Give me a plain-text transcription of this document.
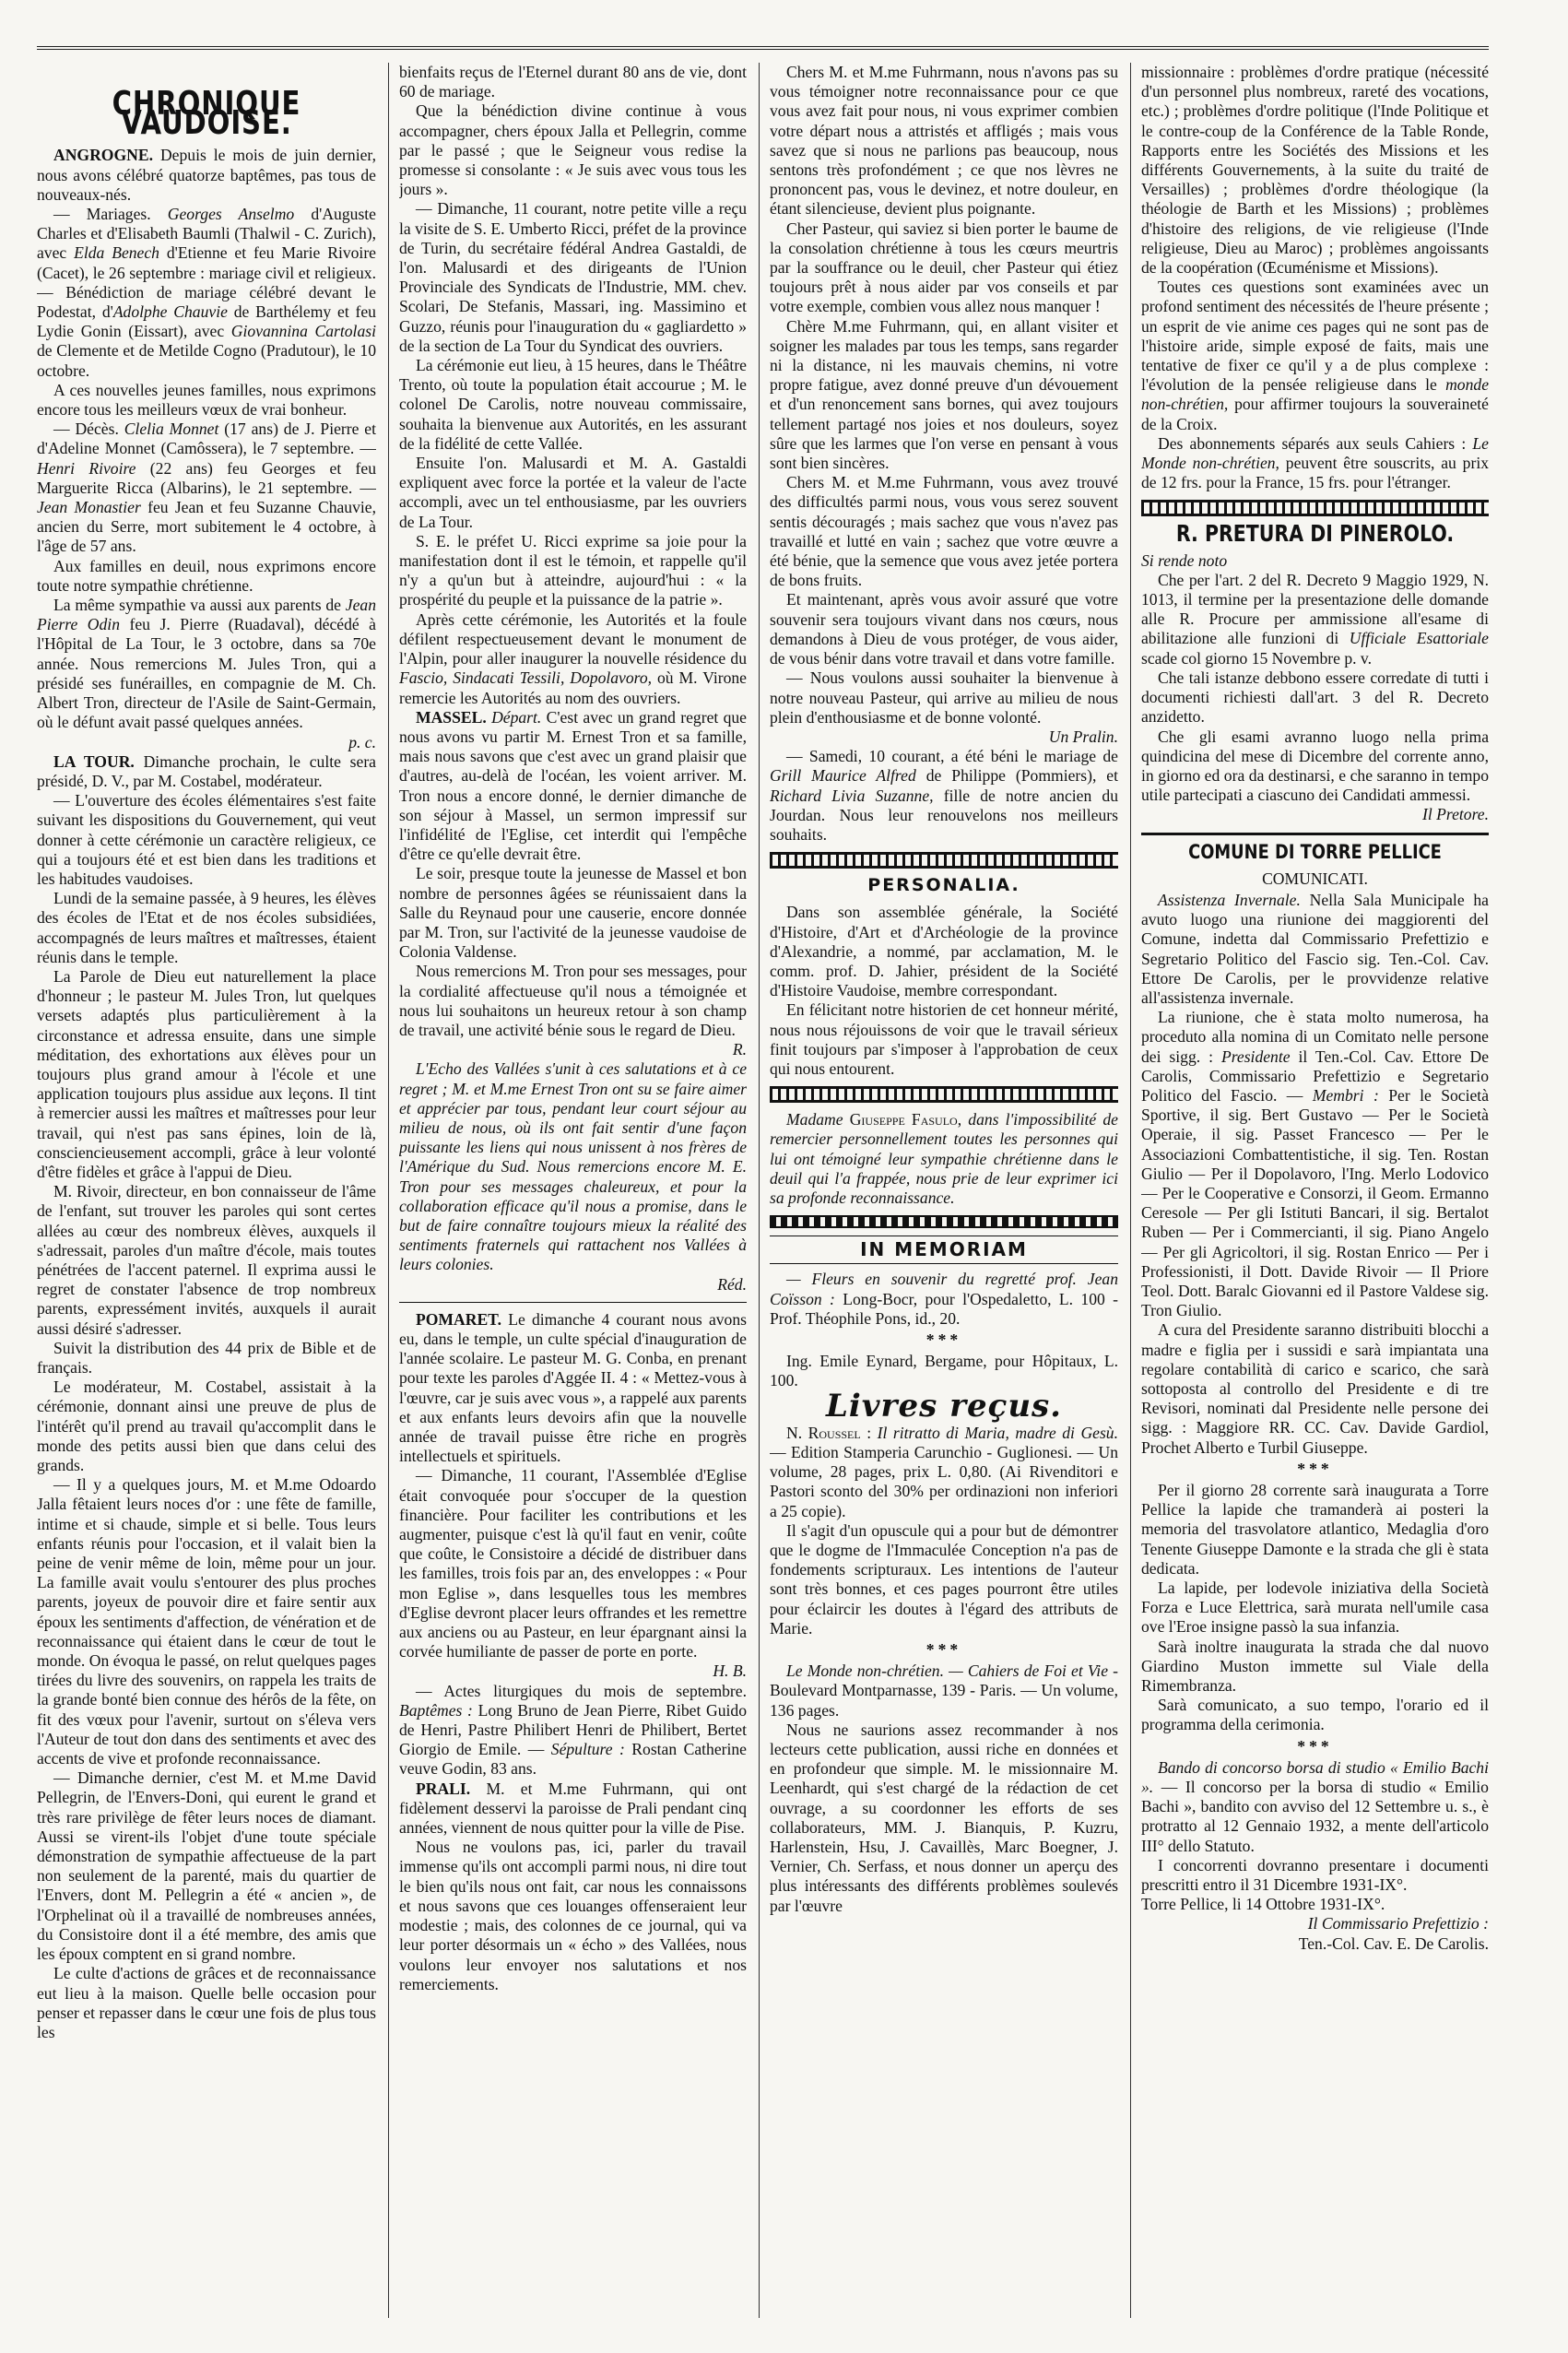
CHRONIQUE VAUDOISE.

ANGROGNE. Depuis le mois de juin dernier, nous avons célébré quatorze baptêmes, pas tous de nouveaux-nés.

— Mariages. Georges Anselmo d'Auguste Charles et d'Elisabeth Baumli (Thalwil - C. Zurich), avec Elda Benech d'Etienne et feu Marie Rivoire (Cacet), le 26 septembre : mariage civil et religieux. — Bénédiction de mariage célébré devant le Podestat, d'Adolphe Chauvie de Barthélemy et feu Lydie Gonin (Eissart), avec Giovannina Cartolasi de Clemente et de Metilde Cogno (Pradutour), le 10 octobre.

A ces nouvelles jeunes familles, nous exprimons encore tous les meilleurs vœux de vrai bonheur.

— Décès. Clelia Monnet (17 ans) de J. Pierre et d'Adeline Monnet (Camôssera), le 7 septembre. — Henri Rivoire (22 ans) feu Georges et feu Marguerite Ricca (Albarins), le 21 septembre. — Jean Monastier feu Jean et feu Suzanne Chauvie, ancien du Serre, mort subitement le 4 octobre, à l'âge de 57 ans.

Aux familles en deuil, nous exprimons encore toute notre sympathie chrétienne.

La même sympathie va aussi aux parents de Jean Pierre Odin feu J. Pierre (Ruadaval), décédé à l'Hôpital de La Tour, le 3 octobre, dans sa 70e année. Nous remercions M. Jules Tron, qui a présidé ses funérailles, en compagnie de M. Ch. Albert Tron, directeur de l'Asile de Saint-Germain, où le défunt avait passé quelques années.

p. c.

LA TOUR. Dimanche prochain, le culte sera présidé, D. V., par M. Costabel, modérateur.

— L'ouverture des écoles élémentaires s'est faite suivant les dispositions du Gouvernement, qui veut donner à cette cérémonie un caractère religieux, ce qui a toujours été et est bien dans les traditions et les habitudes vaudoises.

Lundi de la semaine passée, à 9 heures, les élèves des écoles de l'Etat et de nos écoles subsidiées, accompagnés de leurs maîtres et maîtresses, étaient réunis dans le temple.

La Parole de Dieu eut naturellement la place d'honneur ; le pasteur M. Jules Tron, lut quelques versets adaptés plus particulièrement à la circonstance et adressa ensuite, dans une simple méditation, des exhortations aux élèves pour un toujours plus grand amour à l'école et une application toujours plus assidue aux leçons. Il tint à remercier aussi les maîtres et maîtresses pour leur travail, qui n'est pas sans épines, loin de là, consciencieusement accompli, grâce à leur volonté d'être fidèles et grâce à l'appui de Dieu.

M. Rivoir, directeur, en bon connaisseur de l'âme de l'enfant, sut trouver les paroles qui sont certes allées au cœur des nombreux élèves, auxquels il s'adressait, paroles d'un maître d'école, mais toutes pénétrées de l'accent paternel. Il exprima aussi le regret de constater l'absence de trop nombreux parents, expressément invités, auxquels il aurait aussi désiré s'adresser.

Suivit la distribution des 44 prix de Bible et de français.

Le modérateur, M. Costabel, assistait à la cérémonie, donnant ainsi une preuve de plus de l'intérêt qu'il prend au travail qu'accomplit dans le monde des petits aussi bien que dans celui des grands.

— Il y a quelques jours, M. et M.me Odoardo Jalla fêtaient leurs noces d'or : une fête de famille, intime et si chaude, simple et si belle. Tous leurs enfants réunis pour l'occasion, et il valait bien la peine de venir même de loin, même pour un jour. La famille avait voulu s'entourer des plus proches parents, joyeux de pouvoir dire et faire sentir aux époux les sentiments d'affection, de vénération et de reconnaissance qui étaient dans le cœur de tout le monde. On évoqua le passé, on relut quelques pages tirées du livre des souvenirs, on rappela les traits de la grande bonté bien connue des hérôs de la fête, on fit des vœux pour l'avenir, surtout on s'éleva vers l'Auteur de tout don dans des sentiments et avec des accents de vive et profonde reconnaissance.

— Dimanche dernier, c'est M. et M.me David Pellegrin, de l'Envers-Doni, qui eurent le grand et très rare privilège de fêter leurs noces de diamant. Aussi se virent-ils l'objet d'une toute spéciale démonstration de sympathie affectueuse de la part non seulement de la parenté, mais du quartier de l'Envers, dont M. Pellegrin a été « ancien », de l'Orphelinat où il a travaillé de nombreuses années, du Consistoire dont il a été membre, des amis que les époux comptent en si grand nombre.

Le culte d'actions de grâces et de reconnaissance eut lieu à la maison. Quelle belle occasion pour penser et repasser dans le cœur une fois de plus tous les

bienfaits reçus de l'Eternel durant 80 ans de vie, dont 60 de mariage.

Que la bénédiction divine continue à vous accompagner, chers époux Jalla et Pellegrin, comme par le passé ; que le Seigneur vous redise la promesse si consolante : « Je suis avec vous tous les jours ».

— Dimanche, 11 courant, notre petite ville a reçu la visite de S. E. Umberto Ricci, préfet de la province de Turin, du secrétaire fédéral Andrea Gastaldi, de l'on. Malusardi et des dirigeants de l'Union Provinciale des Syndicats de l'Industrie, MM. chev. Scolari, De Stefanis, Massari, ing. Massimino et Guzzo, réunis pour l'inauguration du « gagliardetto » de la section de La Tour du Syndicat des ouvriers.

La cérémonie eut lieu, à 15 heures, dans le Théâtre Trento, où toute la population était accourue ; M. le colonel De Carolis, notre nouveau commissaire, souhaita la bienvenue aux Autorités, en les assurant de la fidélité de cette Vallée.

Ensuite l'on. Malusardi et M. A. Gastaldi expliquent avec force la portée et la valeur de l'acte accompli, avec un tel enthousiasme, par les ouvriers de La Tour.

S. E. le préfet U. Ricci exprime sa joie pour la manifestation dont il est le témoin, et rappelle qu'il n'y a qu'un but à atteindre, aujourd'hui : « la prospérité du peuple et la puissance de la patrie ».

Après cette cérémonie, les Autorités et la foule défilent respectueusement devant le monument de l'Alpin, pour aller inaugurer la nouvelle résidence du Fascio, Sindacati Tessili, Dopolavoro, où M. Virone remercie les Autorités au nom des ouvriers.

MASSEL. Départ. C'est avec un grand regret que nous avons vu partir M. Ernest Tron et sa famille, mais nous savons que c'est avec un grand plaisir que d'autres, au-delà de l'océan, les voient arriver. M. Tron nous a encore donné, le dernier dimanche de son séjour à Massel, un sermon impressif sur l'infidélité de l'Eglise, cet interdit qui l'empêche d'être ce qu'elle devrait être.

Le soir, presque toute la jeunesse de Massel et bon nombre de personnes âgées se réunissaient dans la Salle du Reynaud pour une causerie, encore donnée par M. Tron, sur l'activité de la jeunesse vaudoise de Colonia Valdense.

Nous remercions M. Tron pour ses messages, pour la cordialité affectueuse qu'il nous a témoignée et nous lui souhaitons un heureux retour à son champ de travail, une activité bénie sous le regard de Dieu.

R.

L'Echo des Vallées s'unit à ces salutations et à ce regret ; M. et M.me Ernest Tron ont su se faire aimer et apprécier par tous, pendant leur court séjour au milieu de nous, où ils ont fait sentir d'une façon puissante les liens qui nous unissent à nos frères de l'Amérique du Sud. Nous remercions encore M. E. Tron pour ses messages chaleureux, et pour la collaboration efficace qu'il nous a promise, dans le but de faire connaître toujours mieux la réalité des sentiments fraternels qui rattachent nos Vallées à leurs colonies.

Réd.

POMARET. Le dimanche 4 courant nous avons eu, dans le temple, un culte spécial d'inauguration de l'année scolaire. Le pasteur M. G. Conba, en prenant pour texte les paroles d'Aggée II. 4 : « Mettez-vous à l'œuvre, car je suis avec vous », a rappelé aux parents et aux enfants leurs devoirs afin que la nouvelle année de travail puisse être riche en progrès intellectuels et spirituels.

— Dimanche, 11 courant, l'Assemblée d'Eglise était convoquée pour s'occuper de la question financière. Pour faciliter les contributions et les augmenter, puisque c'est là qu'il faut en venir, coûte que coûte, le Consistoire a décidé de distribuer dans les familles, trois fois par an, des enveloppes : « Pour mon Eglise », dans lesquelles tous les membres d'Eglise devront placer leurs offrandes et les remettre aux anciens ou au Pasteur, en leur épargnant ainsi la corvée humiliante de passer de porte en porte.

H. B.

— Actes liturgiques du mois de septembre. Baptêmes : Long Bruno de Jean Pierre, Ribet Guido de Henri, Pastre Philibert Henri de Philibert, Bertet Giorgio de Emile. — Sépulture : Rostan Catherine veuve Godin, 83 ans.

PRALI. M. et M.me Fuhrmann, qui ont fidèlement desservi la paroisse de Prali pendant cinq années, viennent de nous quitter pour la ville de Pise.

Nous ne voulons pas, ici, parler du travail immense qu'ils ont accompli parmi nous, ni dire tout le bien qu'ils nous ont fait, car nous les connaissons et nous savons que ces louanges offenseraient leur modestie ; mais, des colonnes de ce journal, qui va leur porter désormais un « écho » des Vallées, nous voulons leur envoyer nos salutations et nos remerciements.

Chers M. et M.me Fuhrmann, nous n'avons pas su vous témoigner notre reconnaissance pour ce que vous avez fait pour nous, ni vous exprimer combien votre départ nous a attristés et affligés ; mais vous savez que si nous ne parlions pas beaucoup, nous sentons très profondément ; ce que nos lèvres ne prononcent pas, vous le devinez, et notre douleur, en étant silencieuse, devient plus poignante.

Cher Pasteur, qui saviez si bien porter le baume de la consolation chrétienne à tous les cœurs meurtris par la souffrance ou le deuil, cher Pasteur qui étiez toujours prêt à nous aider par vos conseils et par votre exemple, combien vous allez nous manquer !

Chère M.me Fuhrmann, qui, en allant visiter et soigner les malades par tous les temps, sans regarder ni la distance, ni les mauvais chemins, ni votre propre fatigue, avez donné preuve d'un dévouement et d'un renoncement sans bornes, qui avez toujours tellement partagé nos joies et nos douleurs, soyez sûre que les larmes que l'on verse en pensant à vous sont bien sincères.

Chers M. et M.me Fuhrmann, vous avez trouvé des difficultés parmi nous, vous vous serez souvent sentis découragés ; mais sachez que vous n'avez pas travaillé et lutté en vain ; sachez que votre œuvre a été bénie, que la semence que vous avez jetée portera de bons fruits.

Et maintenant, après vous avoir assuré que votre souvenir sera toujours vivant dans nos cœurs, nous demandons à Dieu de vous protéger, de vous aider, de vous bénir dans votre travail et dans votre famille.

— Nous voulons aussi souhaiter la bienvenue à notre nouveau Pasteur, qui arrive au milieu de nous plein d'enthousiasme et de bonne volonté.

Un Pralin.

— Samedi, 10 courant, a été béni le mariage de Grill Maurice Alfred de Philippe (Pommiers), et Richard Livia Suzanne, fille de notre ancien du Jourdan. Nous leur renouvelons nos meilleurs souhaits.

PERSONALIA.

Dans son assemblée générale, la Société d'Histoire, d'Art et d'Archéologie de la province d'Alexandrie, a nommé, par acclamation, M. le comm. prof. D. Jahier, président de la Société d'Histoire Vaudoise, membre correspondant.

En félicitant notre historien de cet honneur mérité, nous nous réjouissons de voir que le travail sérieux finit toujours par s'imposer à l'approbation de ceux qui nous entourent.

Madame Giuseppe Fasulo, dans l'impossibilité de remercier personnellement toutes les personnes qui lui ont témoigné leur sympathie chrétienne dans le deuil qui l'a frappée, nous prie de leur exprimer ici sa profonde reconnaissance.

IN MEMORIAM

— Fleurs en souvenir du regretté prof. Jean Coïsson : Long-Bocr, pour l'Ospedaletto, L. 100 - Prof. Théophile Pons, id., 20.

***

Ing. Emile Eynard, Bergame, pour Hôpitaux, L. 100.

Livres reçus.

N. Roussel : Il ritratto di Maria, madre di Gesù. — Edition Stamperia Carunchio - Guglionesi. — Un volume, 28 pages, prix L. 0,80. (Ai Rivenditori e Pastori sconto del 30% per ordinazioni non inferiori a 25 copie).

Il s'agit d'un opuscule qui a pour but de démontrer que le dogme de l'Immaculée Conception n'a pas de fondements scripturaux. Les intentions de l'auteur sont très bonnes, et ces pages pourront être utiles pour éclaircir les doutes à l'égard des attributs de Marie.

***

Le Monde non-chrétien. — Cahiers de Foi et Vie - Boulevard Montparnasse, 139 - Paris. — Un volume, 136 pages.

Nous ne saurions assez recommander à nos lecteurs cette publication, aussi riche en données et en profondeur que simple. M. le missionnaire M. Leenhardt, qui s'est chargé de la rédaction de cet ouvrage, a su coordonner les efforts de ses collaborateurs, MM. J. Bianquis, P. Kuzru, Harlenstein, Hsu, J. Cavaillès, Marc Boegner, J. Vernier, Ch. Serfass, et nous donner un aperçu des plus intéressants des différents problèmes soulevés par l'œuvre

missionnaire : problèmes d'ordre pratique (nécessité d'un personnel plus nombreux, rareté des vocations, etc.) ; problèmes d'ordre politique (l'Inde Politique et le contre-coup de la Conférence de la Table Ronde, Rapports entre les Sociétés des Missions et les différents Gouvernements, à la suite du traité de Versailles) ; problèmes d'ordre théologique (la théologie de Barth et les Missions) ; problèmes d'histoire des religions, de vie religieuse (l'Inde religieuse, Dieu au Maroc) ; problèmes angoissants de la coopération (Œcuménisme et Missions).

Toutes ces questions sont examinées avec un profond sentiment des nécessités de l'heure présente ; un esprit de vie anime ces pages qui ne sont pas de l'histoire aride, simple exposé de faits, mais une tentative de fixer ce qu'il y a de plus complexe : l'évolution de la pensée religieuse dans le monde non-chrétien, pour affirmer toujours la souveraineté de la Croix.

Des abonnements séparés aux seuls Cahiers : Le Monde non-chrétien, peuvent être souscrits, au prix de 12 frs. pour la France, 15 frs. pour l'étranger.

R. PRETURA DI PINEROLO.

Si rende noto

Che per l'art. 2 del R. Decreto 9 Maggio 1929, N. 1013, il termine per la presentazione delle domande alle R. Procure per ammissione all'esame di abilitazione alle funzioni di Ufficiale Esattoriale scade col giorno 15 Novembre p. v.

Che tali istanze debbono essere corredate di tutti i documenti richiesti dall'art. 3 del R. Decreto anzidetto.

Che gli esami avranno luogo nella prima quindicina del mese di Dicembre del corrente anno, in giorno ed ora da destinarsi, e che saranno in tempo utile partecipati a ciascuno dei Candidati ammessi.

Il Pretore.

COMUNE DI TORRE PELLICE

COMUNICATI.

Assistenza Invernale. Nella Sala Municipale ha avuto luogo una riunione dei maggiorenti del Comune, indetta dal Commissario Prefettizio e Segretario Politico del Fascio sig. Ten.-Col. Cav. Ettore De Carolis, per le provvidenze relative all'assistenza invernale.

La riunione, che è stata molto numerosa, ha proceduto alla nomina di un Comitato nelle persone dei sigg. : Presidente il Ten.-Col. Cav. Ettore De Carolis, Commissario Prefettizio e Segretario Politico del Fascio. — Membri : Per le Società Sportive, il sig. Bert Gustavo — Per le Società Operaie, il sig. Passet Francesco — Per le Associazioni Combattentistiche, il sig. Ten. Rostan Giulio — Per il Dopolavoro, l'Ing. Merlo Lodovico — Per le Cooperative e Consorzi, il Geom. Ermanno Ceresole — Per gli Istituti Bancari, il sig. Bertalot Ruben — Per i Commercianti, il sig. Piano Angelo — Per gli Agricoltori, il sig. Rostan Enrico — Per i Professionisti, il Dott. Davide Rivoir — Il Priore Teol. Dott. Baralc Giovanni ed il Pastore Valdese sig. Tron Giulio.

A cura del Presidente saranno distribuiti blocchi a madre e figlia per i sussidi e sarà impiantata una regolare contabilità di carico e scarico, che sarà sottoposta al controllo del Presidente e di tre Revisori, nominati dal Presidente nelle persone dei sigg. : Maggiore RR. CC. Cav. Davide Gardiol, Prochet Alberto e Turbil Giuseppe.

***

Per il giorno 28 corrente sarà inaugurata a Torre Pellice la lapide che tramanderà ai posteri la memoria del trasvolatore atlantico, Medaglia d'oro Tenente Giuseppe Damonte e la strada che gli è stata dedicata.

La lapide, per lodevole iniziativa della Società Forza e Luce Elettrica, sarà murata nell'umile casa ove l'Eroe insigne passò la sua infanzia.

Sarà inoltre inaugurata la strada che dal nuovo Giardino Muston immette sul Viale della Rimembranza.

Sarà comunicato, a suo tempo, l'orario ed il programma della cerimonia.

***

Bando di concorso borsa di studio « Emilio Bachi ». — Il concorso per la borsa di studio « Emilio Bachi », bandito con avviso del 12 Settembre u. s., è protratto al 12 Gennaio 1932, a mente dell'articolo III° dello Statuto.

I concorrenti dovranno presentare i documenti prescritti entro il 31 Dicembre 1931-IX°.

Torre Pellice, li 14 Ottobre 1931-IX°.

Il Commissario Prefettizio :

Ten.-Col. Cav. E. De Carolis.
